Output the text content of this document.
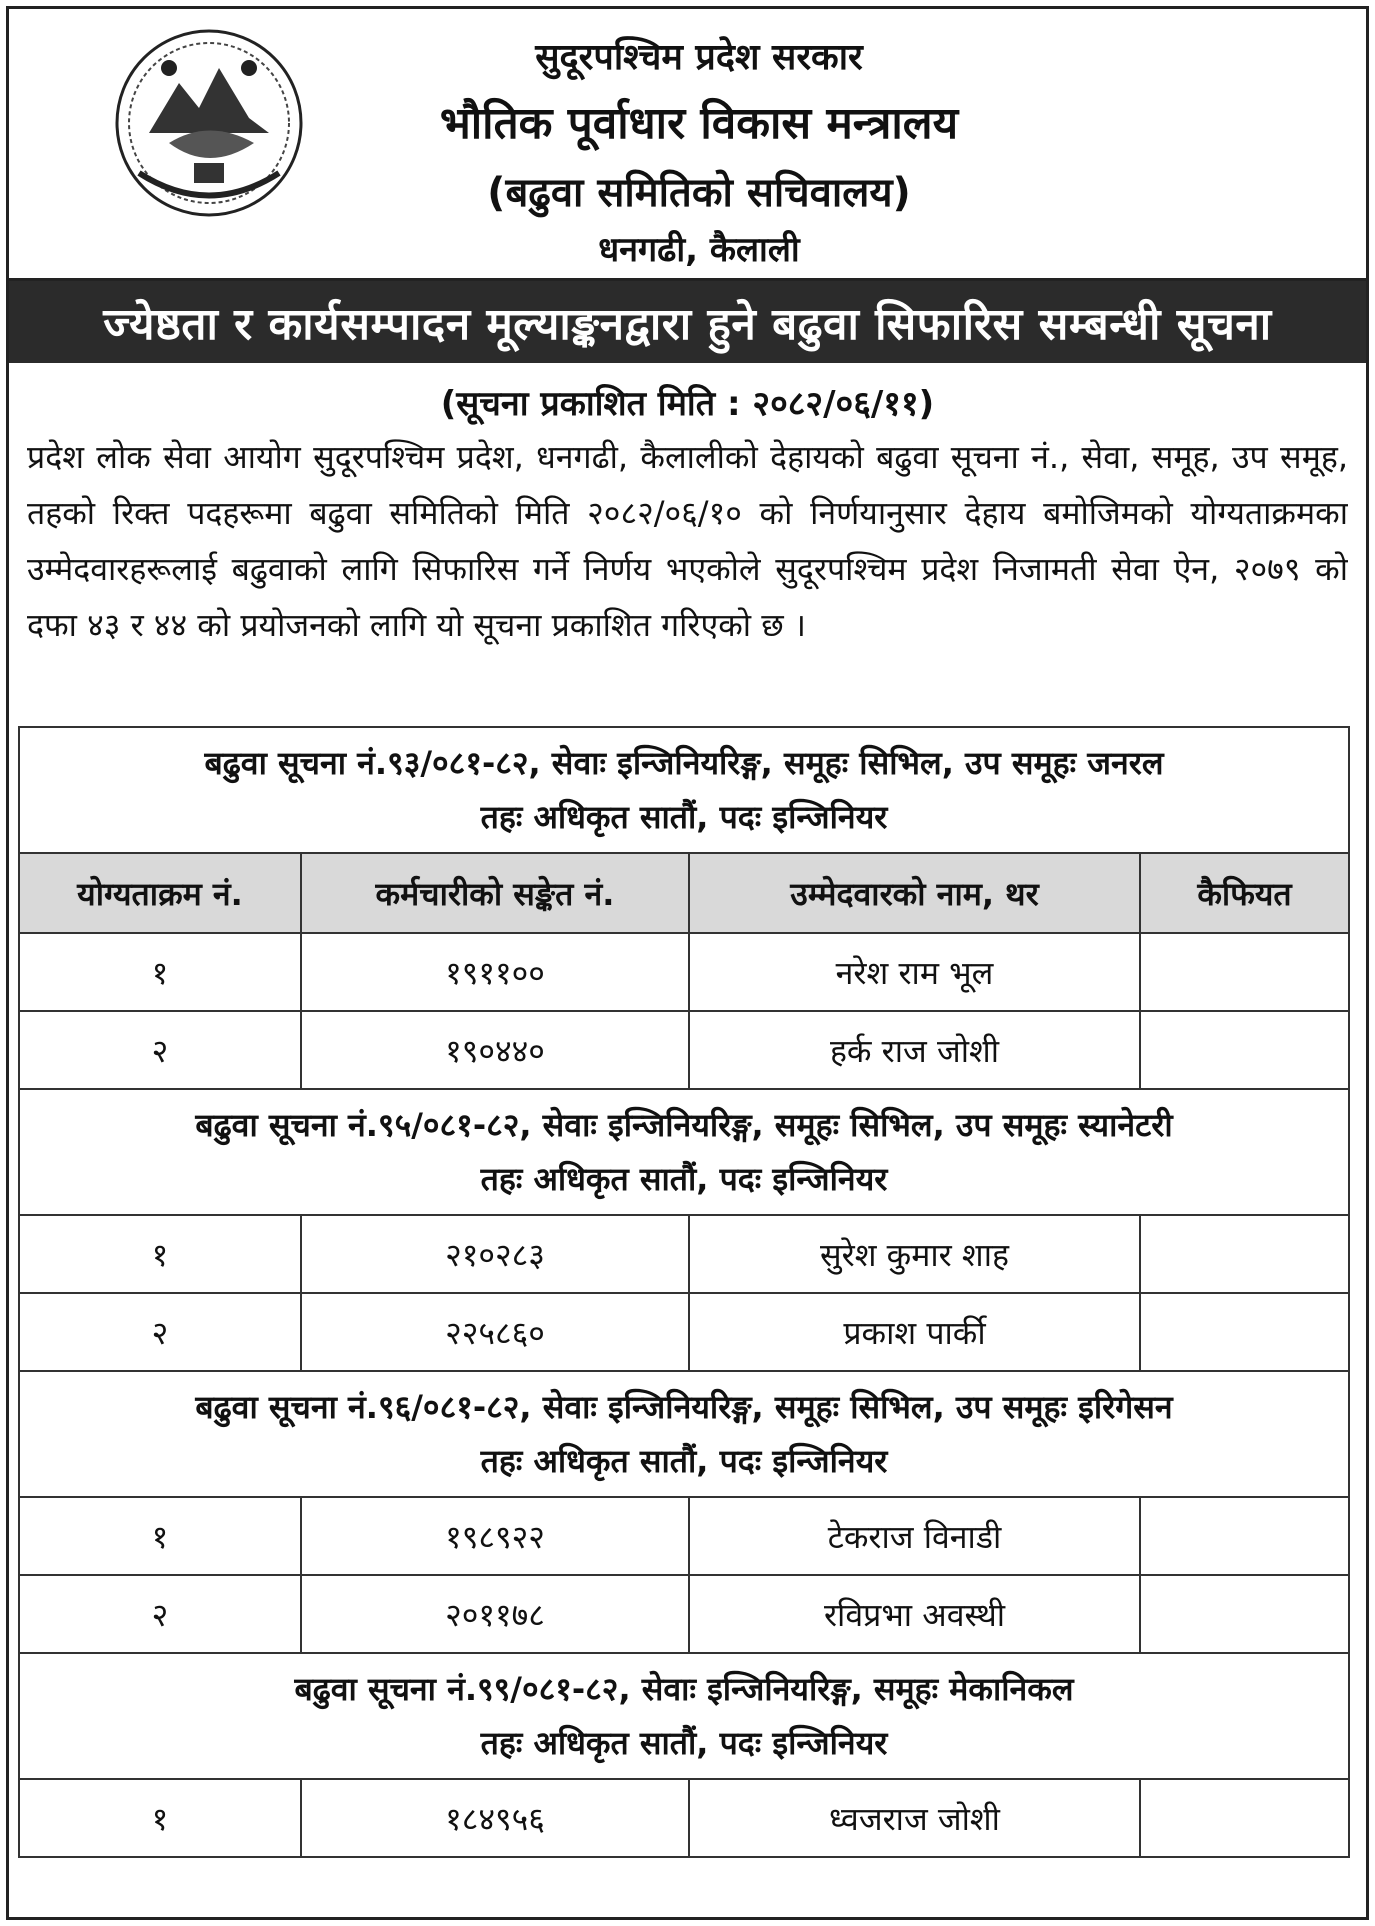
सुदूरपश्चिम प्रदेश सरकार
भौतिक पूर्वाधार विकास मन्त्रालय
(बढुवा समितिको सचिवालय)
धनगढी, कैलाली
ज्येष्ठता र कार्यसम्पादन मूल्याङ्कनद्वारा हुने बढुवा सिफारिस सम्बन्धी सूचना
(सूचना प्रकाशित मिति : २०८२/०६/११)
प्रदेश लोक सेवा आयोग सुदूरपश्चिम प्रदेश, धनगढी, कैलालीको देहायको बढुवा सूचना नं., सेवा, समूह, उप समूह, तहको रिक्त पदहरूमा बढुवा समितिको मिति २०८२/०६/१० को निर्णयानुसार देहाय बमोजिमको योग्यताक्रमका उम्मेदवारहरूलाई बढुवाको लागि सिफारिस गर्ने निर्णय भएकोले सुदूरपश्चिम प्रदेश निजामती सेवा ऐन, २०७९ को दफा ४३ र ४४ को प्रयोजनको लागि यो सूचना प्रकाशित गरिएको छ ।
बढुवा सूचना नं.९३/०८१-८२, सेवाः इन्जिनियरिङ्ग, समूहः सिभिल, उप समूहः जनरल
तहः अधिकृत सातौं, पदः इन्जिनियर			

योग्यताक्रम नं.	कर्मचारीको सङ्केत नं.	उम्मेदवारको नाम, थर	कैफियत
१	१९११००	नरेश राम भूल	
२	१९०४४०	हर्क राज जोशी	

बढुवा सूचना नं.९५/०८१-८२, सेवाः इन्जिनियरिङ्ग, समूहः सिभिल, उप समूहः स्यानेटरी
तहः अधिकृत सातौं, पदः इन्जिनियर			

१	२१०२८३	सुरेश कुमार शाह	
२	२२५८६०	प्रकाश पार्की	

बढुवा सूचना नं.९६/०८१-८२, सेवाः इन्जिनियरिङ्ग, समूहः सिभिल, उप समूहः इरिगेसन
तहः अधिकृत सातौं, पदः इन्जिनियर			

१	१९८९२२	टेकराज विनाडी	
२	२०११७८	रविप्रभा अवस्थी	

बढुवा सूचना नं.९९/०८१-८२, सेवाः इन्जिनियरिङ्ग, समूहः मेकानिकल
तहः अधिकृत सातौं, पदः इन्जिनियर			

१	१८४९५६	ध्वजराज जोशी	
